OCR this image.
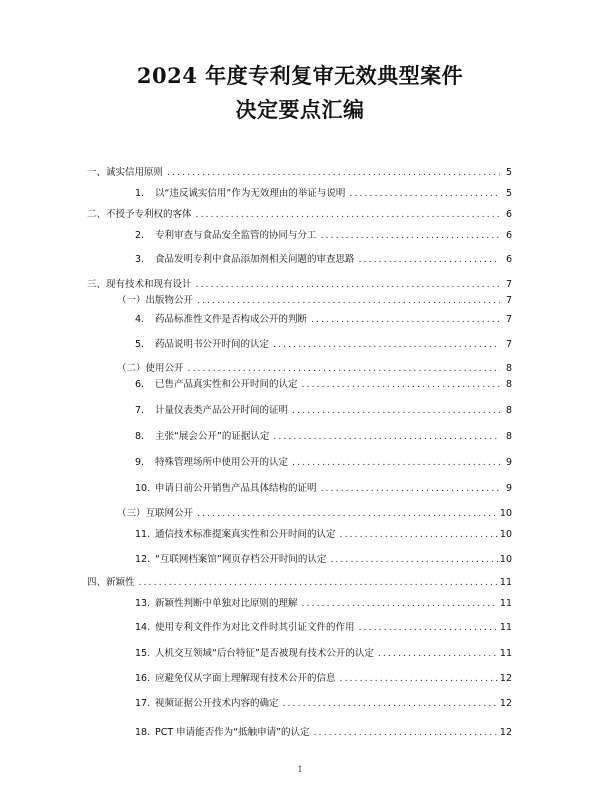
2024 年度专利复审无效典型案件
决定要点汇编
一、诚实信用原则 .....	5
1.	以“违反诚实信用”作为无效理由的举证与说明 .....	5
二、不授予专利权的客体 .....	6
2.	专利审查与食品安全监管的协同与分工 .....	6
3.	食品发明专利中食品添加剂相关问题的审查思路 .....	6
三、现有技术和现有设计 .....	7
（一）出版物公开 .....	7
4.	药品标准性文件是否构成公开的判断 .....	7
5.	药品说明书公开时间的认定 .....	7
（二）使用公开 .....	8
6.	已售产品真实性和公开时间的认定 .....	8
7.	计量仪表类产品公开时间的证明 .....	8
8.	主张“展会公开”的证据认定 .....	8
9.	特殊管理场所中使用公开的认定 .....	9
10. 申请日前公开销售产品具体结构的证明 .....	9
（三）互联网公开 .....	10
11. 通信技术标准提案真实性和公开时间的认定 .....	10
12. “互联网档案馆”网页存档公开时间的认定 .....	10
四、新颖性 .....	11
13. 新颖性判断中单独对比原则的理解 .....	11
14. 使用专利文件作为对比文件时其引证文件的作用 .....	11
15. 人机交互领域“后台特征”是否被现有技术公开的认定 .....	11
16. 应避免仅从字面上理解现有技术公开的信息 .....	12
17. 视频证据公开技术内容的确定 .....	12
18. PCT 申请能否作为“抵触申请”的认定 .....	12
1
